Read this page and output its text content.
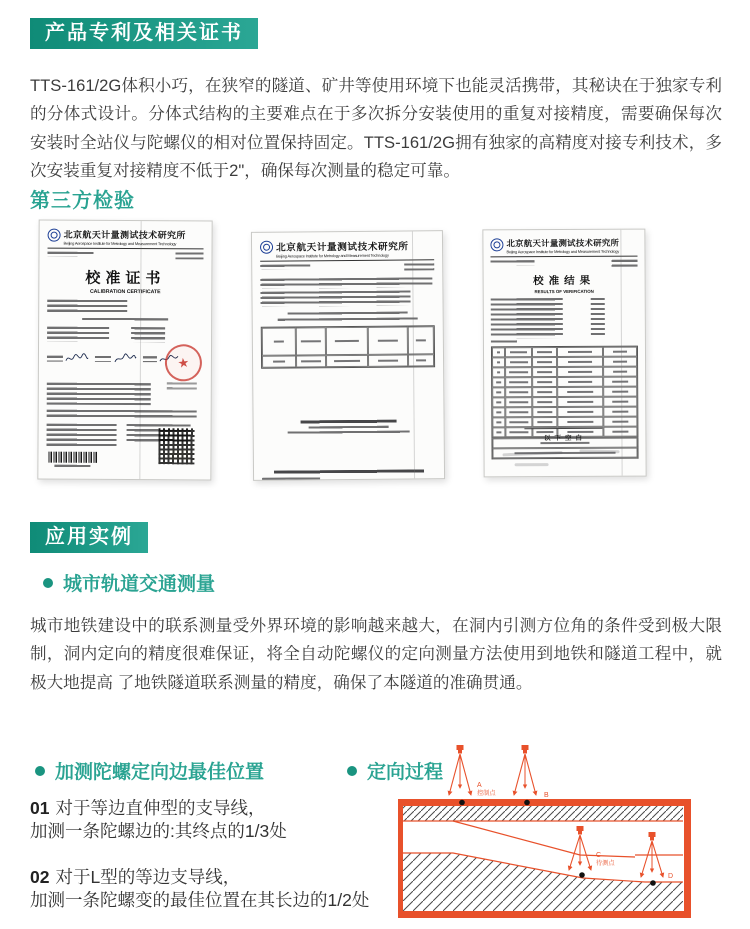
产品专利及相关证书
TTS-161/2G体积小巧，在狭窄的隧道、矿井等使用环境下也能灵活携带，其秘诀在于独家专利的分体式设计。分体式结构的主要难点在于多次拆分安装使用的重复对接精度，需要确保每次安装时全站仪与陀螺仪的相对位置保持固定。TTS-161/2G拥有独家的高精度对接专利技术，多次安装重复对接精度不低于2"，确保每次测量的稳定可靠。
第三方检验
北京航天计量测试技术研究所
Beijing Aerospace Institute for Metrology and Measurement Technology
校准证书
CALIBRATION CERTIFICATE
★
北京航天计量测试技术研究所
Beijing Aerospace Institute for Metrology and Measurement Technology
北京航天计量测试技术研究所
Beijing Aerospace Institute for Metrology and Measurement Technology
校准结果
RESULTS OF VERIFICATION
以下空白
应用实例
城市轨道交通测量
城市地铁建设中的联系测量受外界环境的影响越来越大，在洞内引测方位角的条件受到极大限制，洞内定向的精度很难保证，将全自动陀螺仪的定向测量方法使用到地铁和隧道工程中，就极大地提高 了地铁隧道联系测量的精度，确保了本隧道的准确贯通。
加测陀螺定向边最佳位置
01 对于等边直伸型的支导线，
加测一条陀螺边的:其终点的1/3处
02 对于L型的等边支导线，
加测一条陀螺变的最佳位置在其长边的1/2处
定向过程
A
控制点	B
C
待测点
D
